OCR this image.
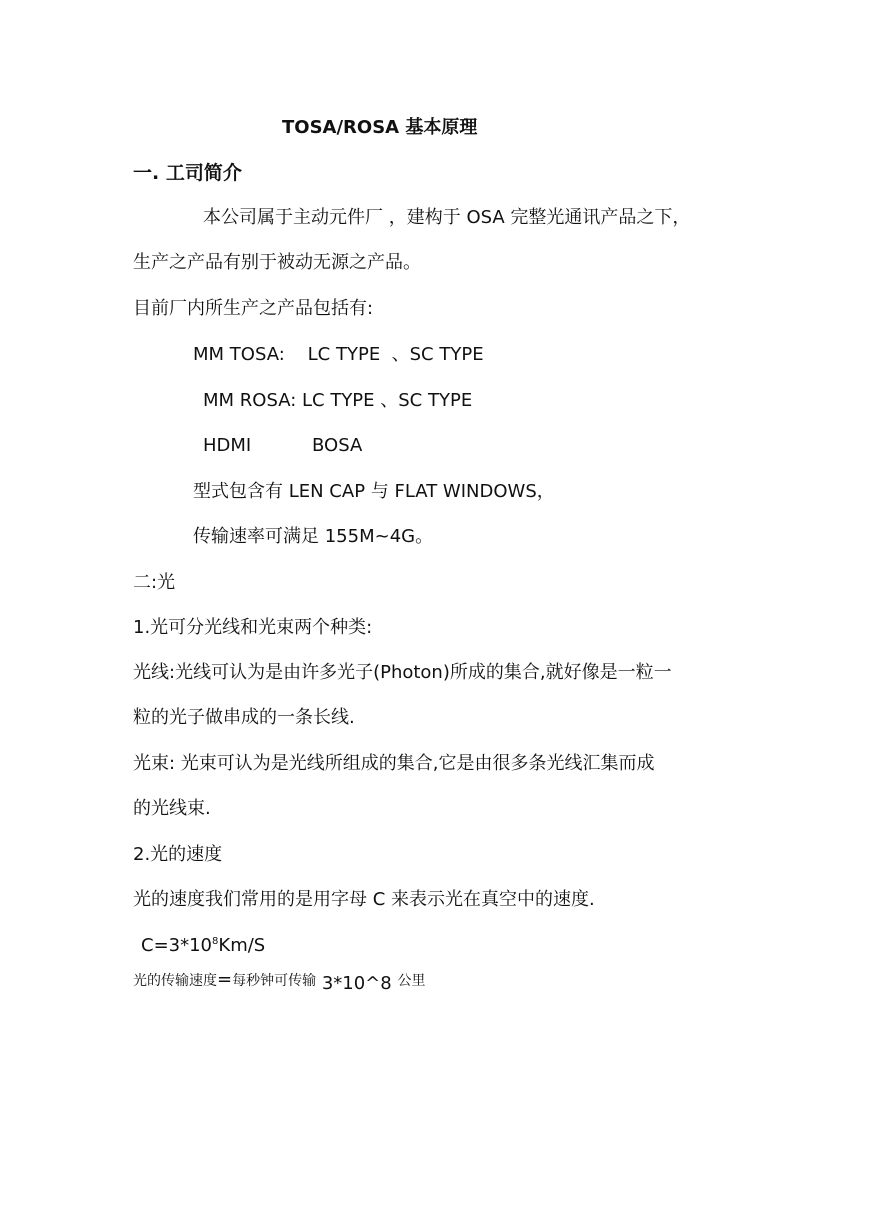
TOSA/ROSA 基本原理
一. 工司简介
本公司属于主动元件厂 ，建构于 OSA 完整光通讯产品之下，
生产之产品有别于被动无源之产品。
目前厂内所生产之产品包括有:
MM TOSA:    LC TYPE  、SC TYPE
MM ROSA: LC TYPE 、SC TYPE
HDMI	BOSA
型式包含有 LEN CAP 与 FLAT WINDOWS，
传输速率可满足 155M~4G。
二:光
1.光可分光线和光束两个种类:
光线:光线可认为是由许多光子(Photon)所成的集合,就好像是一粒一
粒的光子做串成的一条长线.
光束: 光束可认为是光线所组成的集合,它是由很多条光线汇集而成
的光线束.
2.光的速度
光的速度我们常用的是用字母 C 来表示光在真空中的速度.
$C=3*10^8Km/S$
光的传输速度=每秒钟可传输 3*10^8 公里
